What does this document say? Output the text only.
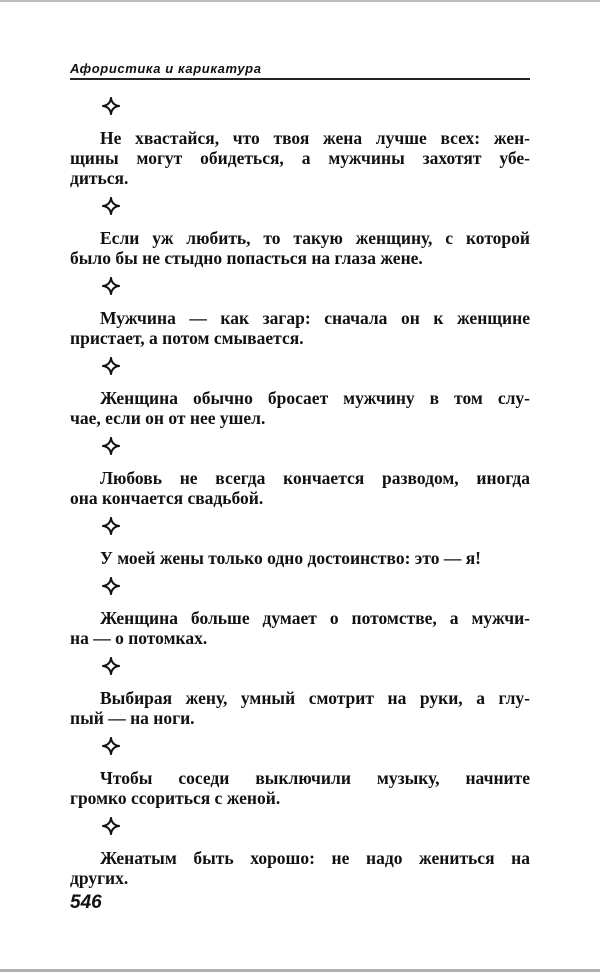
Афористика и карикатура
Не хвастайся, что твоя жена лучше всех: жен-
щины могут обидеться, а мужчины захотят убе-
диться.
Если уж любить, то такую женщину, с которой
было бы не стыдно попасться на глаза жене.
Мужчина — как загар: сначала он к женщине
пристает, а потом смывается.
Женщина обычно бросает мужчину в том слу-
чае, если он от нее ушел.
Любовь не всегда кончается разводом, иногда
она кончается свадьбой.
У моей жены только одно достоинство: это — я!
Женщина больше думает о потомстве, а мужчи-
на — о потомках.
Выбирая жену, умный смотрит на руки, а глу-
пый — на ноги.
Чтобы соседи выключили музыку, начните
громко ссориться с женой.
Женатым быть хорошо: не надо жениться на
других.
546
